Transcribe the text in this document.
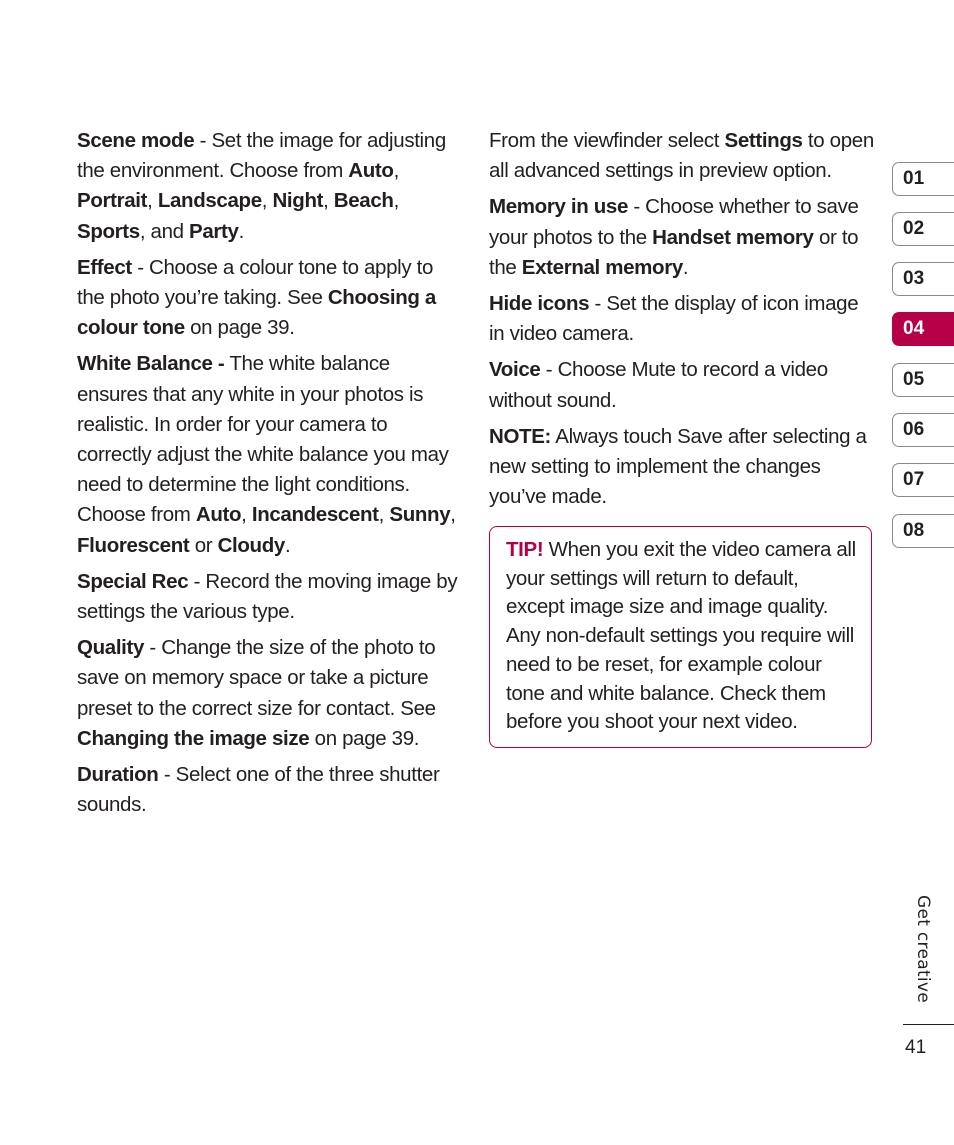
Scene mode - Set the image for adjusting the environment. Choose from Auto, Portrait, Landscape, Night, Beach, Sports, and Party.

Effect - Choose a colour tone to apply to the photo you’re taking. See Choosing a colour tone on page 39.

White Balance - The white balance ensures that any white in your photos is realistic. In order for your camera to correctly adjust the white balance you may need to determine the light conditions. Choose from Auto, Incandescent, Sunny, Fluorescent or Cloudy.

Special Rec - Record the moving image by settings the various type.

Quality - Change the size of the photo to save on memory space or take a picture preset to the correct size for contact. See Changing the image size on page 39.

Duration - Select one of the three shutter sounds.

From the viewfinder select Settings to open all advanced settings in preview option.

Memory in use - Choose whether to save your photos to the Handset memory or to the External memory.

Hide icons - Set the display of icon image in video camera.

Voice - Choose Mute to record a video without sound.

NOTE: Always touch Save after selecting a new setting to implement the changes you’ve made.

TIP! When you exit the video camera all your settings will return to default, except image size and image quality. Any non-default settings you require will need to be reset, for example colour tone and white balance. Check them before you shoot your next video.
01
02
03
04
05
06
07
08
Get creative
41
